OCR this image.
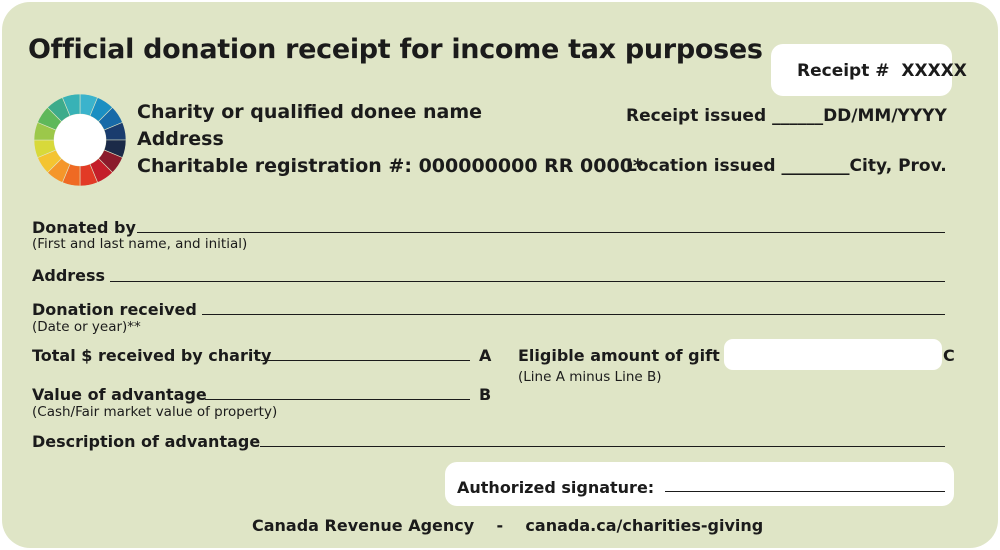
Official donation receipt for income tax purposes
Receipt # XXXXX
Charity or qualified donee name
Address
Charitable registration #: 000000000 RR 0000*
Receipt issued ______DD/MM/YYYY
Location issued ________City, Prov.
Donated by
(First and last name, and initial)
Address
Donation received
(Date or year)**
Total $ received by charity	A Eligible amount of gift
(Line A minus Line B)
C
Value of advantage	B
(Cash/Fair market value of property)
Description of advantage
Authorized signature:
Canada Revenue Agency - canada.ca/charities-giving
